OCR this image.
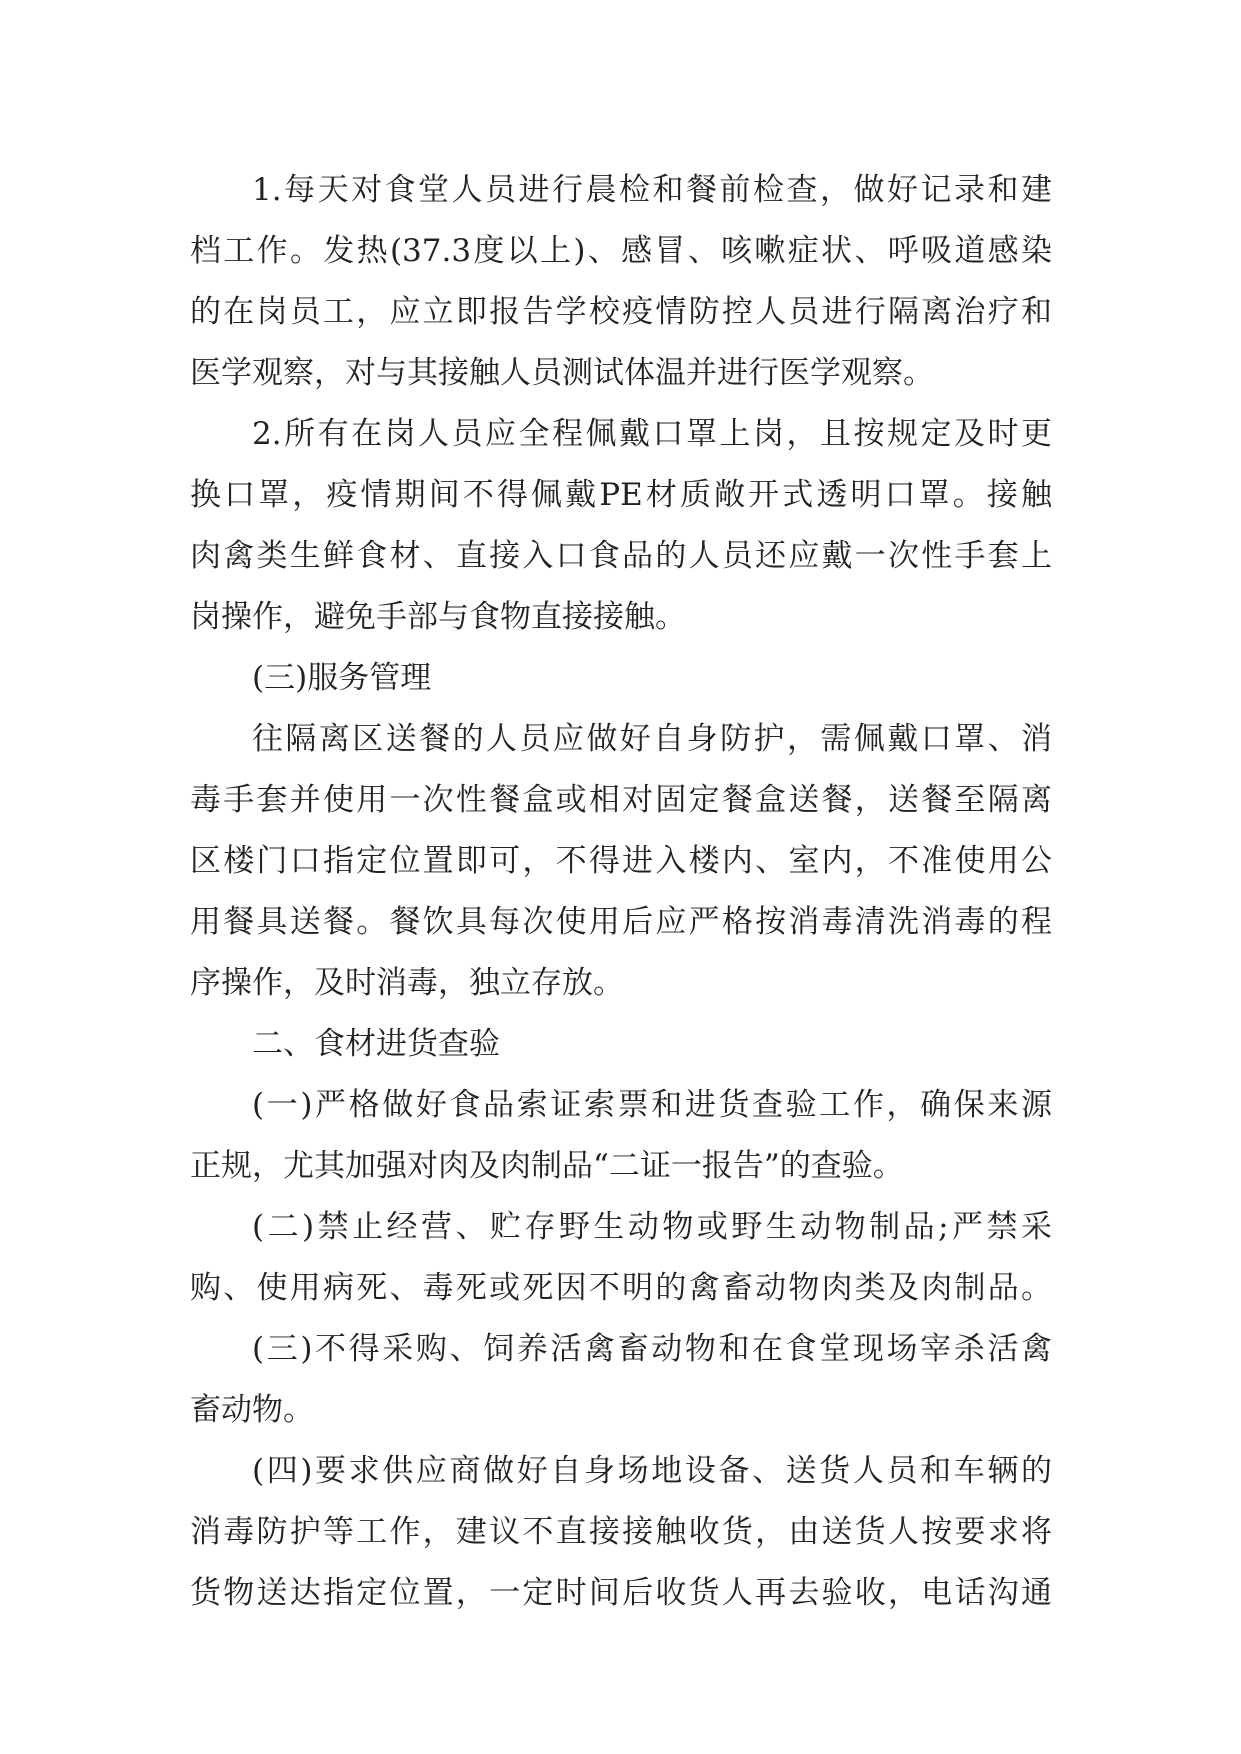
1.每天对食堂人员进行晨检和餐前检查，做好记录和建
档工作。发热(37.3度以上)、感冒、咳嗽症状、呼吸道感染
的在岗员工，应立即报告学校疫情防控人员进行隔离治疗和
医学观察，对与其接触人员测试体温并进行医学观察。
2.所有在岗人员应全程佩戴口罩上岗，且按规定及时更
换口罩，疫情期间不得佩戴PE材质敞开式透明口罩。接触
肉禽类生鲜食材、直接入口食品的人员还应戴一次性手套上
岗操作，避免手部与食物直接接触。
(三)服务管理
往隔离区送餐的人员应做好自身防护，需佩戴口罩、消
毒手套并使用一次性餐盒或相对固定餐盒送餐，送餐至隔离
区楼门口指定位置即可，不得进入楼内、室内，不准使用公
用餐具送餐。餐饮具每次使用后应严格按消毒清洗消毒的程
序操作，及时消毒，独立存放。
二、食材进货查验
(一)严格做好食品索证索票和进货查验工作，确保来源
正规，尤其加强对肉及肉制品“二证一报告”的查验。
(二)禁止经营、贮存野生动物或野生动物制品;严禁采
购、使用病死、毒死或死因不明的禽畜动物肉类及肉制品。
(三)不得采购、饲养活禽畜动物和在食堂现场宰杀活禽
畜动物。
(四)要求供应商做好自身场地设备、送货人员和车辆的
消毒防护等工作，建议不直接接触收货，由送货人按要求将
货物送达指定位置，一定时间后收货人再去验收，电话沟通
